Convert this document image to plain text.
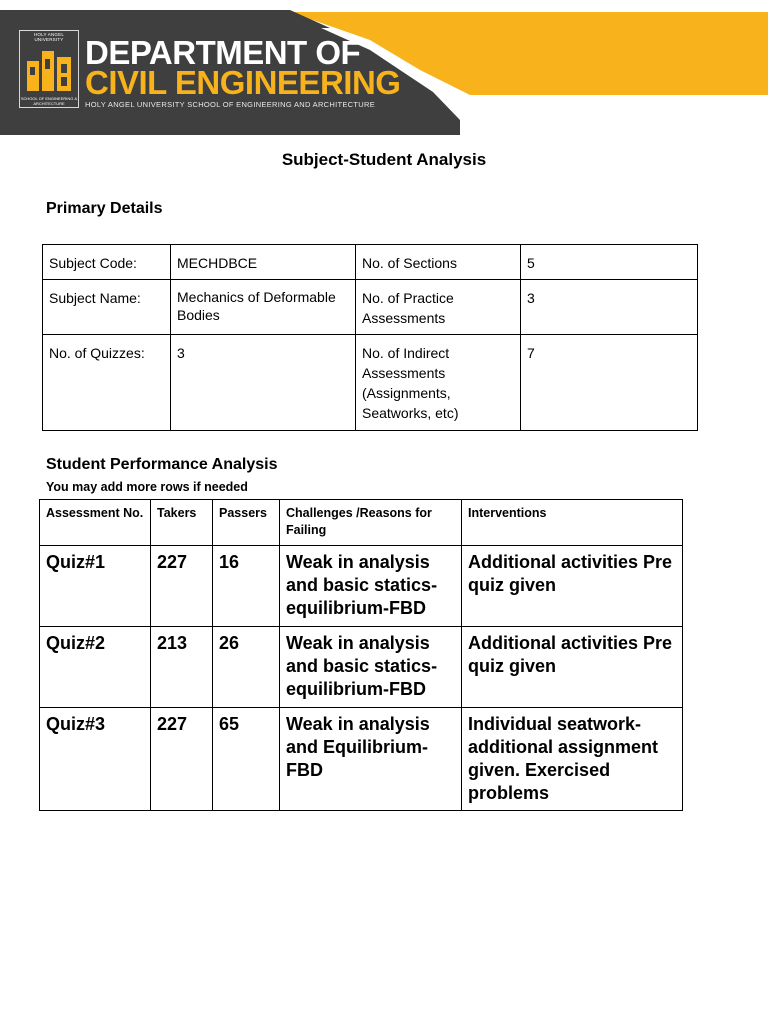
HOLY ANGEL UNIVERSITY
SCHOOL OF ENGINEERING & ARCHITECTURE
DEPARTMENT OF
CIVIL ENGINEERING
HOLY ANGEL UNIVERSITY SCHOOL OF ENGINEERING AND ARCHITECTURE
Subject-Student Analysis
Primary Details
Subject Code:	MECHDBCE	No. of Sections	5
Subject Name:	Mechanics of Deformable Bodies	No. of Practice Assessments	3
No. of Quizzes:	3	No. of Indirect Assessments (Assignments, Seatworks, etc)	7
Student Performance Analysis
You may add more rows if needed
Assessment No.	Takers	Passers	Challenges /Reasons for Failing	Interventions
Quiz#1	227	16	Weak in analysis and basic statics-equilibrium-FBD	Additional activities Pre quiz given
Quiz#2	213	26	Weak in analysis and basic statics-equilibrium-FBD	Additional activities Pre quiz given
Quiz#3	227	65	Weak in analysis and Equilibrium-FBD	Individual seatwork-additional assignment given. Exercised problems
